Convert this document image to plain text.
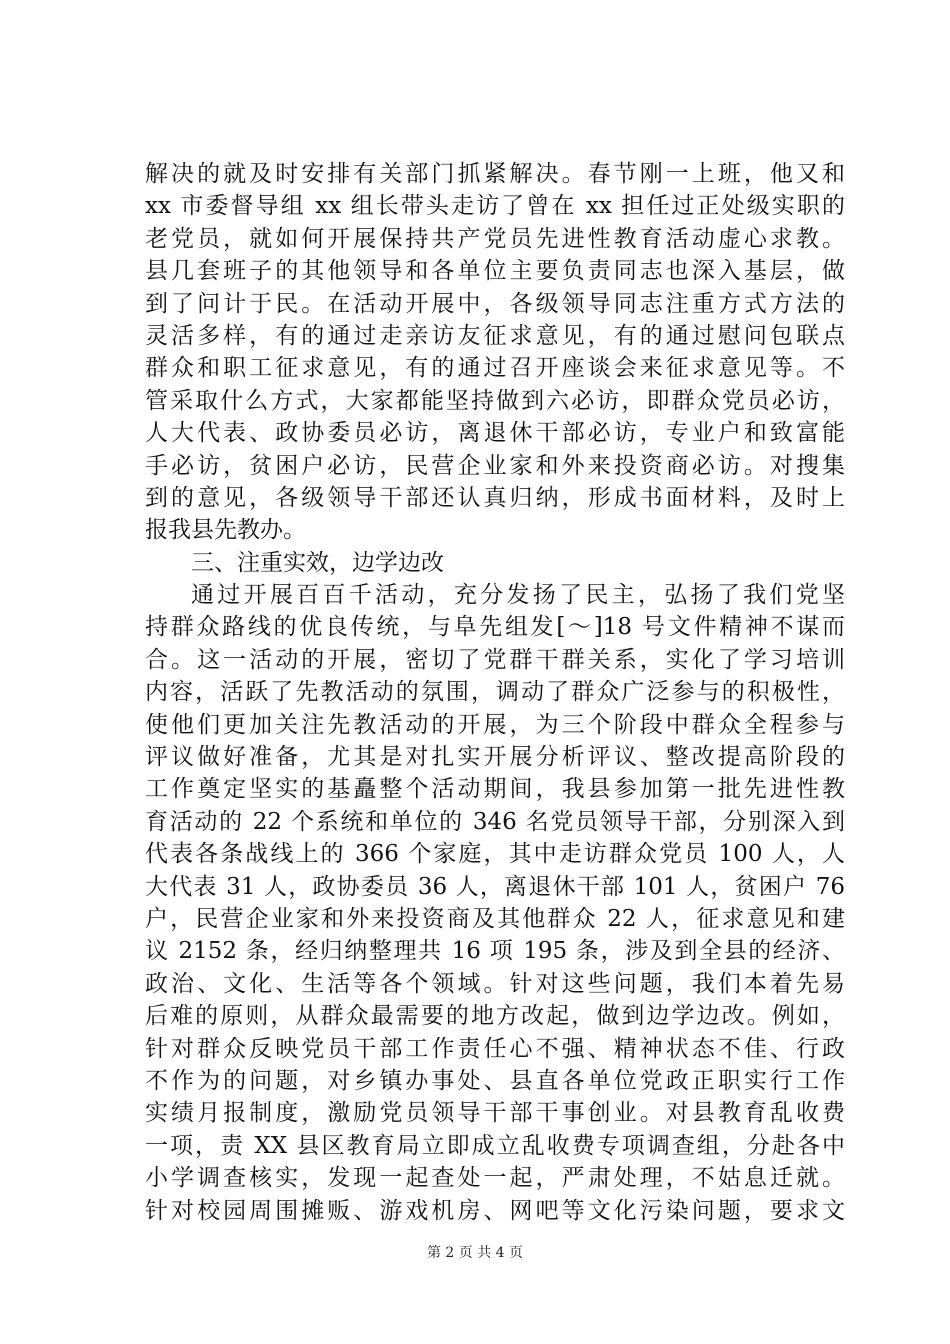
解决的就及时安排有关部门抓紧解决。春节刚一上班，他又和
xx 市委督导组 xx 组长带头走访了曾在 xx 担任过正处级实职的
老党员，就如何开展保持共产党员先进性教育活动虚心求教。
县几套班子的其他领导和各单位主要负责同志也深入基层，做
到了问计于民。在活动开展中，各级领导同志注重方式方法的
灵活多样，有的通过走亲访友征求意见，有的通过慰问包联点
群众和职工征求意见，有的通过召开座谈会来征求意见等。不
管采取什么方式，大家都能坚持做到六必访，即群众党员必访，
人大代表、政协委员必访，离退休干部必访，专业户和致富能
手必访，贫困户必访，民营企业家和外来投资商必访。对搜集
到的意见，各级领导干部还认真归纳，形成书面材料，及时上
报我县先教办。
三、注重实效，边学边改
通过开展百百千活动，充分发扬了民主，弘扬了我们党坚
持群众路线的优良传统，与阜先组发[～]18 号文件精神不谋而
合。这一活动的开展，密切了党群干群关系，实化了学习培训
内容，活跃了先教活动的氛围，调动了群众广泛参与的积极性，
使他们更加关注先教活动的开展，为三个阶段中群众全程参与
评议做好准备，尤其是对扎实开展分析评议、整改提高阶段的
工作奠定坚实的基矗整个活动期间，我县参加第一批先进性教
育活动的 22 个系统和单位的 346 名党员领导干部，分别深入到
代表各条战线上的 366 个家庭，其中走访群众党员 100 人，人
大代表 31 人，政协委员 36 人，离退休干部 101 人，贫困户 76
户，民营企业家和外来投资商及其他群众 22 人，征求意见和建
议 2152 条，经归纳整理共 16 项 195 条，涉及到全县的经济、
政治、文化、生活等各个领域。针对这些问题，我们本着先易
后难的原则，从群众最需要的地方改起，做到边学边改。例如，
针对群众反映党员干部工作责任心不强、精神状态不佳、行政
不作为的问题，对乡镇办事处、县直各单位党政正职实行工作
实绩月报制度，激励党员领导干部干事创业。对县教育乱收费
一项，责 XX 县区教育局立即成立乱收费专项调查组，分赴各中
小学调查核实，发现一起查处一起，严肃处理，不姑息迁就。
针对校园周围摊贩、游戏机房、网吧等文化污染问题，要求文
第 2 页 共 4 页
